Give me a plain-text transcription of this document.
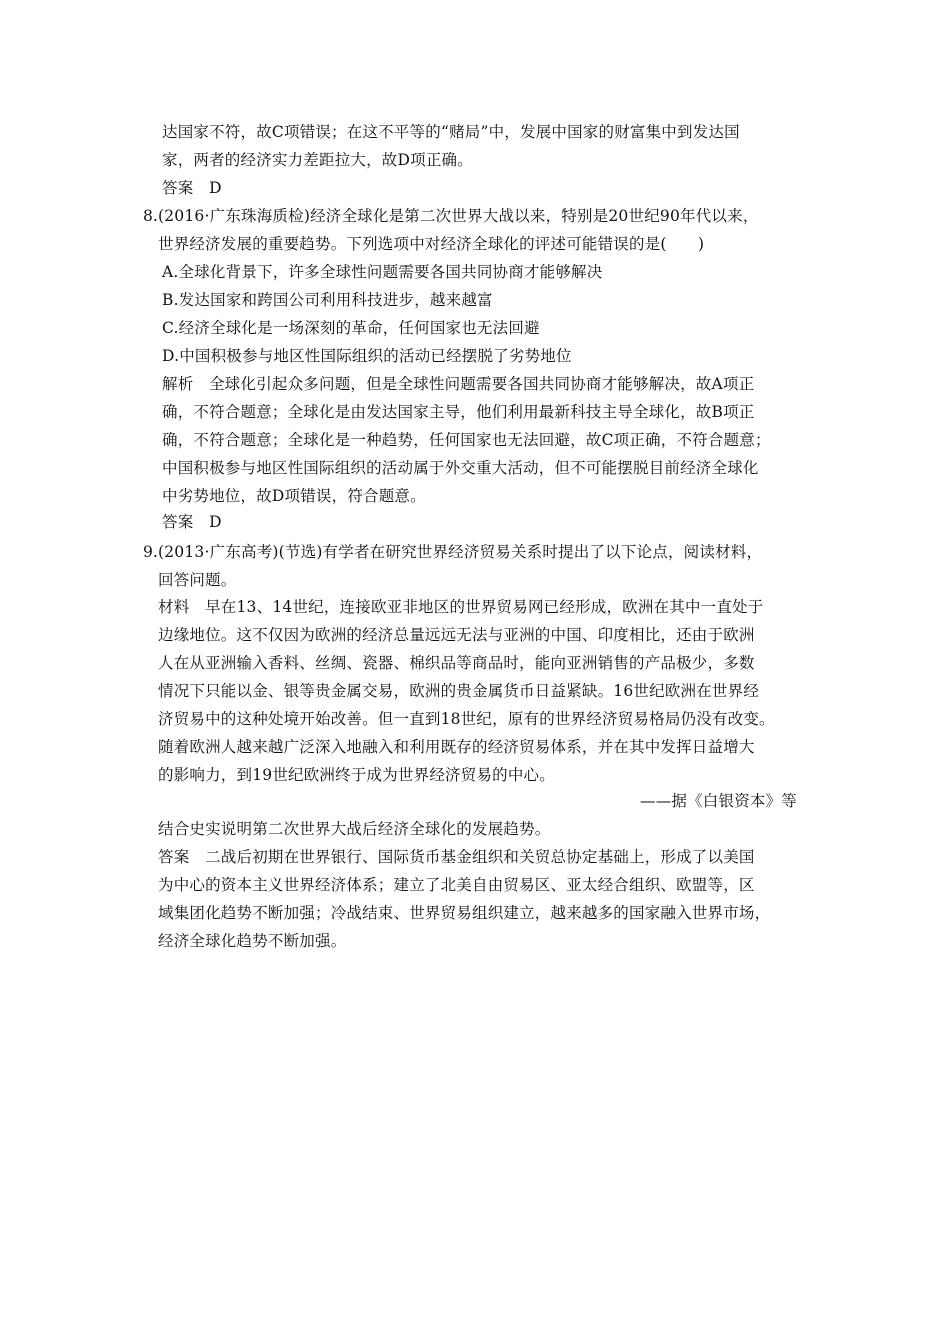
达国家不符，故C项错误；在这不平等的“赌局”中，发展中国家的财富集中到发达国
家，两者的经济实力差距拉大，故D项正确。
答案　D
8. (2016·广东珠海质检)经济全球化是第二次世界大战以来，特别是20世纪90年代以来，
世界经济发展的重要趋势。下列选项中对经济全球化的评述可能错误的是(　　)
A.全球化背景下，许多全球性问题需要各国共同协商才能够解决
B.发达国家和跨国公司利用科技进步，越来越富
C.经济全球化是一场深刻的革命，任何国家也无法回避
D.中国积极参与地区性国际组织的活动已经摆脱了劣势地位
解析　全球化引起众多问题，但是全球性问题需要各国共同协商才能够解决，故A项正
确，不符合题意；全球化是由发达国家主导，他们利用最新科技主导全球化，故B项正
确，不符合题意；全球化是一种趋势，任何国家也无法回避，故C项正确，不符合题意；
中国积极参与地区性国际组织的活动属于外交重大活动，但不可能摆脱目前经济全球化
中劣势地位，故D项错误，符合题意。
答案　D
9. (2013·广东高考)(节选)有学者在研究世界经济贸易关系时提出了以下论点，阅读材料，
回答问题。
材料　早在13、14世纪，连接欧亚非地区的世界贸易网已经形成，欧洲在其中一直处于
边缘地位。这不仅因为欧洲的经济总量远远无法与亚洲的中国、印度相比，还由于欧洲
人在从亚洲输入香料、丝绸、瓷器、棉织品等商品时，能向亚洲销售的产品极少，多数
情况下只能以金、银等贵金属交易，欧洲的贵金属货币日益紧缺。16世纪欧洲在世界经
济贸易中的这种处境开始改善。但一直到18世纪，原有的世界经济贸易格局仍没有改变。
随着欧洲人越来越广泛深入地融入和利用既存的经济贸易体系，并在其中发挥日益增大
的影响力，到19世纪欧洲终于成为世界经济贸易的中心。
——据《白银资本》等
结合史实说明第二次世界大战后经济全球化的发展趋势。
答案　二战后初期在世界银行、国际货币基金组织和关贸总协定基础上，形成了以美国
为中心的资本主义世界经济体系；建立了北美自由贸易区、亚太经合组织、欧盟等，区
域集团化趋势不断加强；冷战结束、世界贸易组织建立，越来越多的国家融入世界市场，
经济全球化趋势不断加强。
